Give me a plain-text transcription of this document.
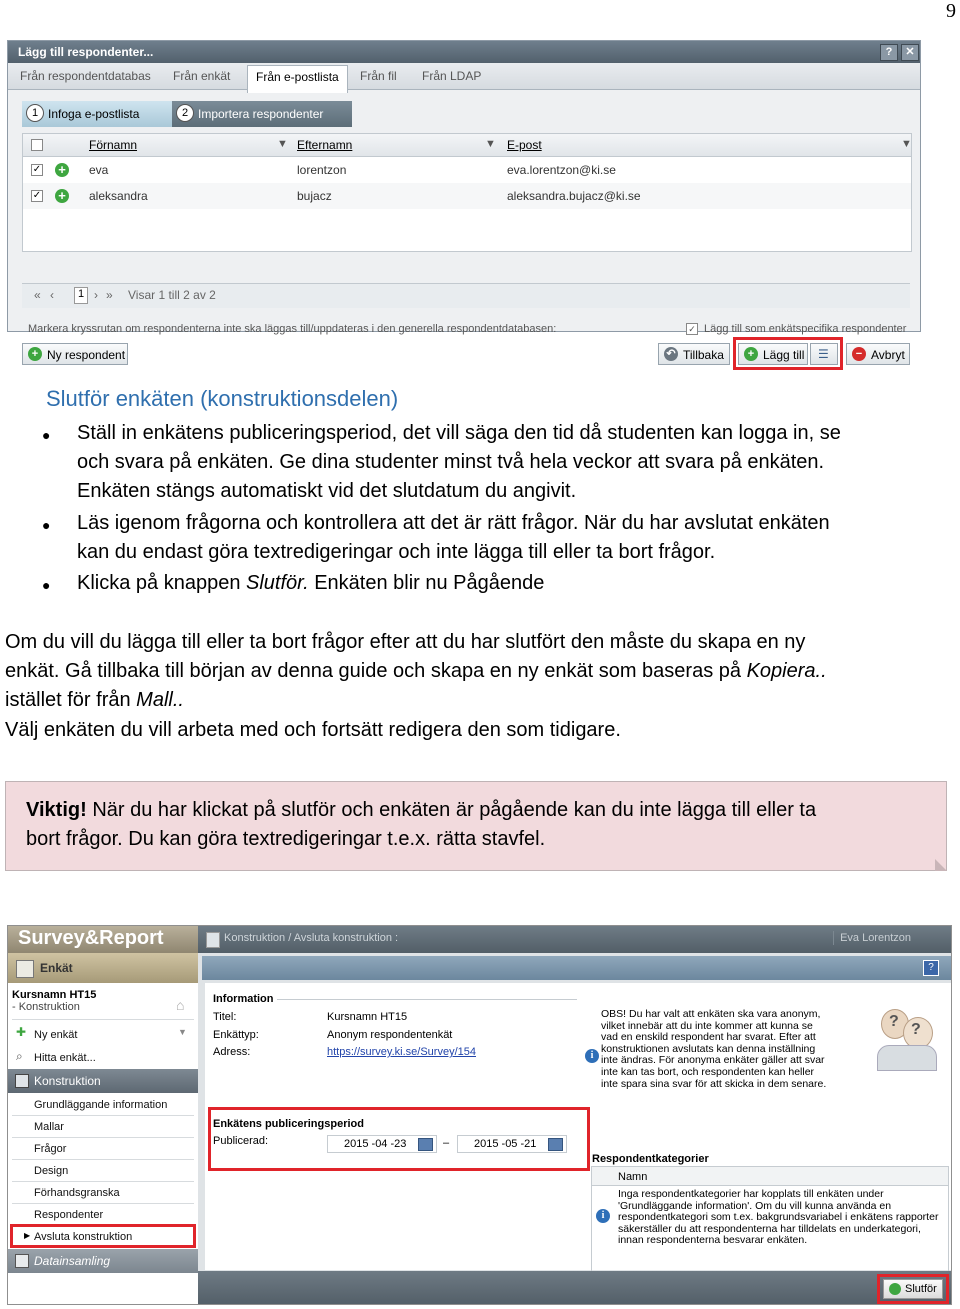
9
Lägg till respondenter...	?	✕
Från respondentdatabas Från enkät	Från e-postlista	Från fil Från LDAP
1 Infoga e-postlista	2 Importera respondenter
Förnamn	▼ Efternamn	▼ E-post	▼
✓ + eva	lorentzon	eva.lorentzon@ki.se
✓ + aleksandra	bujacz	aleksandra.bujacz@ki.se
« ‹	1 › » Visar 1 till 2 av 2
Markera kryssrutan om respondenterna inte ska läggas till/uppdateras i den generella respondentdatabasen:	✓ Lägg till som enkätspecifika respondenter
+ Ny respondent	↶ Tillbaka	+ Lägg till ☰	− Avbryt
Slutför enkäten (konstruktionsdelen)
● Ställ in enkätens publiceringsperiod, det vill säga den tid då studenten kan logga in, se
och svara på enkäten. Ge dina studenter minst två hela veckor att svara på enkäten.
Enkäten stängs automatiskt vid det slutdatum du angivit.
● Läs igenom frågorna och kontrollera att det är rätt frågor. När du har avslutat enkäten
kan du endast göra textredigeringar och inte lägga till eller ta bort frågor.
● Klicka på knappen Slutför. Enkäten blir nu Pågående
Om du vill du lägga till eller ta bort frågor efter att du har slutfört den måste du skapa en ny
enkät. Gå tillbaka till början av denna guide och skapa en ny enkät som baseras på Kopiera..
istället för från Mall..
Välj enkäten du vill arbeta med och fortsätt redigera den som tidigare.
Viktig! När du har klickat på slutför och enkäten är pågående kan du inte lägga till eller ta
bort frågor. Du kan göra textredigeringar t.e.x. rätta stavfel.
Survey&Report	Konstruktion / Avsluta konstruktion :	Eva Lorentzon
Enkät	?
Kursnamn HT15
- Konstruktion	⌂
✚ Ny enkät	▼
⌕ Hitta enkät...
Konstruktion
Grundläggande information
Mallar
Frågor
Design
Förhandsgranska
Respondenter
▶ Avsluta konstruktion
Datainsamling
Information
Titel:	Kursnamn HT15
Enkättyp:	Anonym respondentenkät
Adress:	https://survey.ki.se/Survey/154	i
OBS! Du har valt att enkäten ska vara anonym, vilket innebär att du inte kommer att kunna se vad en enskild respondent har svarat. Efter att konstruktionen avslutats kan denna inställning inte ändras. För anonyma enkäter gäller att svar inte kan tas bort, och respondenten kan heller inte spara sina svar för att skicka in dem senare.
? ?
Enkätens publiceringsperiod
Publicerad:	2015 -04 -23	– 2015 -05 -21
Respondentkategorier
Namn
i
Inga respondentkategorier har kopplats till enkäten under 'Grundläggande information'. Om du vill kunna använda en respondentkategori som t.ex. bakgrundsvariabel i enkätens rapporter säkerställer du att respondenterna har tilldelats en underkategori, innan respondenterna besvarar enkäten.
Slutför
